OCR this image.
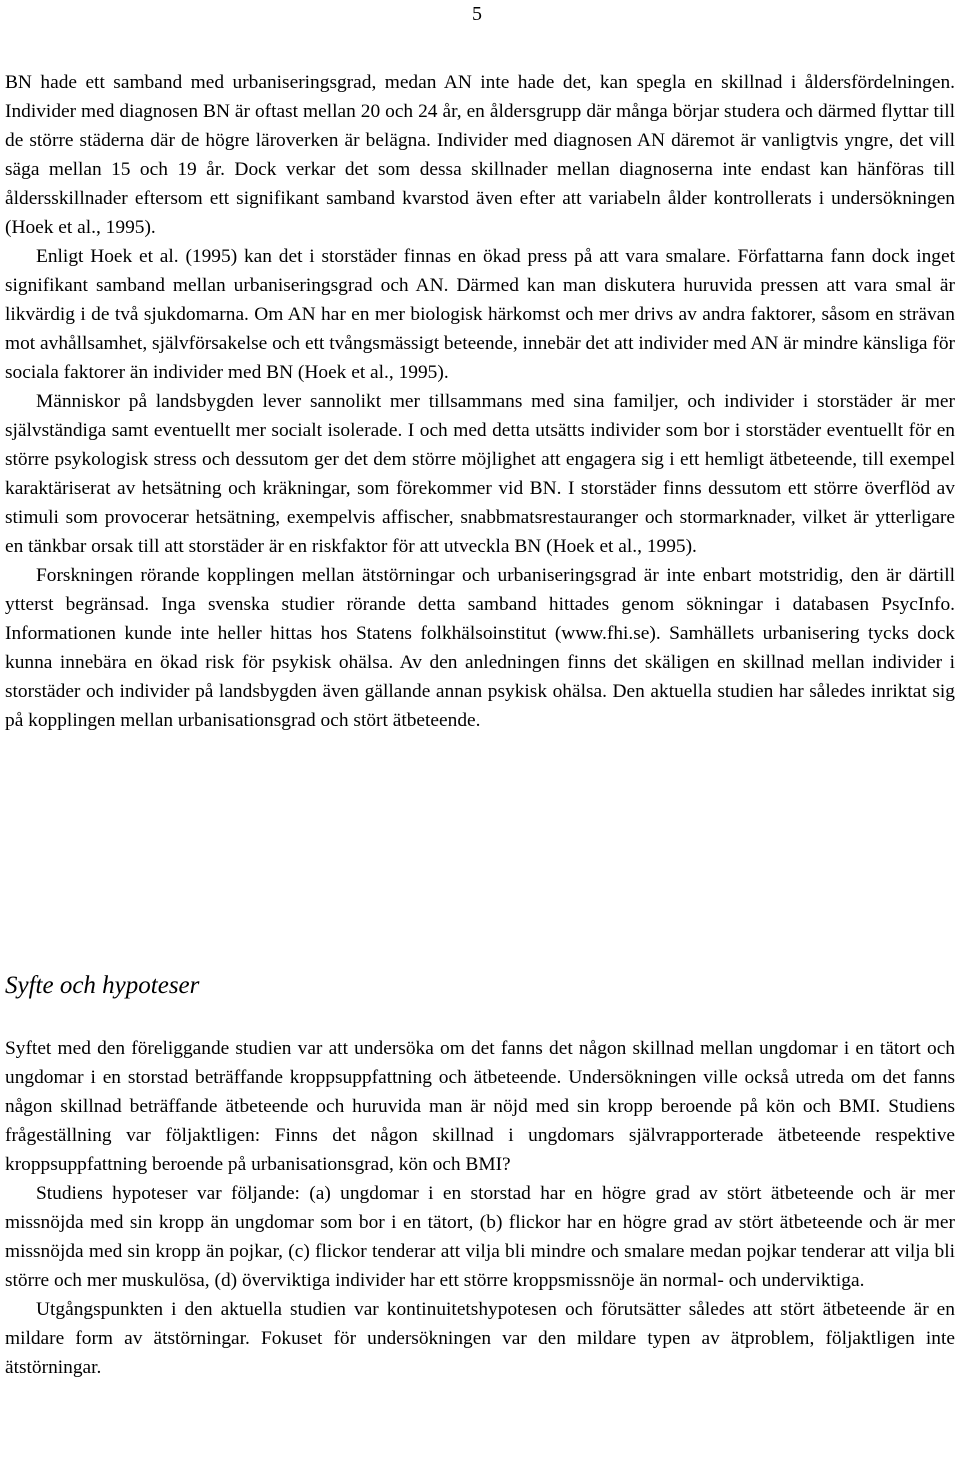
5

BN hade ett samband med urbaniseringsgrad, medan AN inte hade det, kan spegla en skillnad i åldersfördelningen. Individer med diagnosen BN är oftast mellan 20 och 24 år, en åldersgrupp där många börjar studera och därmed flyttar till de större städerna där de högre läroverken är belägna. Individer med diagnosen AN däremot är vanligtvis yngre, det vill säga mellan 15 och 19 år. Dock verkar det som dessa skillnader mellan diagnoserna inte endast kan hänföras till åldersskillnader eftersom ett signifikant samband kvarstod även efter att variabeln ålder kontrollerats i undersökningen (Hoek et al., 1995).

Enligt Hoek et al. (1995) kan det i storstäder finnas en ökad press på att vara smalare. Författarna fann dock inget signifikant samband mellan urbaniseringsgrad och AN. Därmed kan man diskutera huruvida pressen att vara smal är likvärdig i de två sjukdomarna. Om AN har en mer biologisk härkomst och mer drivs av andra faktorer, såsom en strävan mot avhållsamhet, självförsakelse och ett tvångsmässigt beteende, innebär det att individer med AN är mindre känsliga för sociala faktorer än individer med BN (Hoek et al., 1995).

Människor på landsbygden lever sannolikt mer tillsammans med sina familjer, och individer i storstäder är mer självständiga samt eventuellt mer socialt isolerade. I och med detta utsätts individer som bor i storstäder eventuellt för en större psykologisk stress och dessutom ger det dem större möjlighet att engagera sig i ett hemligt ätbeteende, till exempel karaktäriserat av hetsätning och kräkningar, som förekommer vid BN. I storstäder finns dessutom ett större överflöd av stimuli som provocerar hetsätning, exempelvis affischer, snabbmatsrestauranger och stormarknader, vilket är ytterligare en tänkbar orsak till att storstäder är en riskfaktor för att utveckla BN (Hoek et al., 1995).

Forskningen rörande kopplingen mellan ätstörningar och urbaniseringsgrad är inte enbart motstridig, den är därtill ytterst begränsad. Inga svenska studier rörande detta samband hittades genom sökningar i databasen PsycInfo. Informationen kunde inte heller hittas hos Statens folkhälsoinstitut (www.fhi.se). Samhällets urbanisering tycks dock kunna innebära en ökad risk för psykisk ohälsa. Av den anledningen finns det skäligen en skillnad mellan individer i storstäder och individer på landsbygden även gällande annan psykisk ohälsa. Den aktuella studien har således inriktat sig på kopplingen mellan urbanisationsgrad och stört ätbeteende.

Syfte och hypoteser

Syftet med den föreliggande studien var att undersöka om det fanns det någon skillnad mellan ungdomar i en tätort och ungdomar i en storstad beträffande kroppsuppfattning och ätbeteende. Undersökningen ville också utreda om det fanns någon skillnad beträffande ätbeteende och huruvida man är nöjd med sin kropp beroende på kön och BMI. Studiens frågeställning var följaktligen: Finns det någon skillnad i ungdomars självrapporterade ätbeteende respektive kroppsuppfattning beroende på urbanisationsgrad, kön och BMI?

Studiens hypoteser var följande: (a) ungdomar i en storstad har en högre grad av stört ätbeteende och är mer missnöjda med sin kropp än ungdomar som bor i en tätort, (b) flickor har en högre grad av stört ätbeteende och är mer missnöjda med sin kropp än pojkar, (c) flickor tenderar att vilja bli mindre och smalare medan pojkar tenderar att vilja bli större och mer muskulösa, (d) överviktiga individer har ett större kroppsmissnöje än normal- och underviktiga.

Utgångspunkten i den aktuella studien var kontinuitetshypotesen och förutsätter således att stört ätbeteende är en mildare form av ätstörningar. Fokuset för undersökningen var den mildare typen av ätproblem, följaktligen inte ätstörningar.
